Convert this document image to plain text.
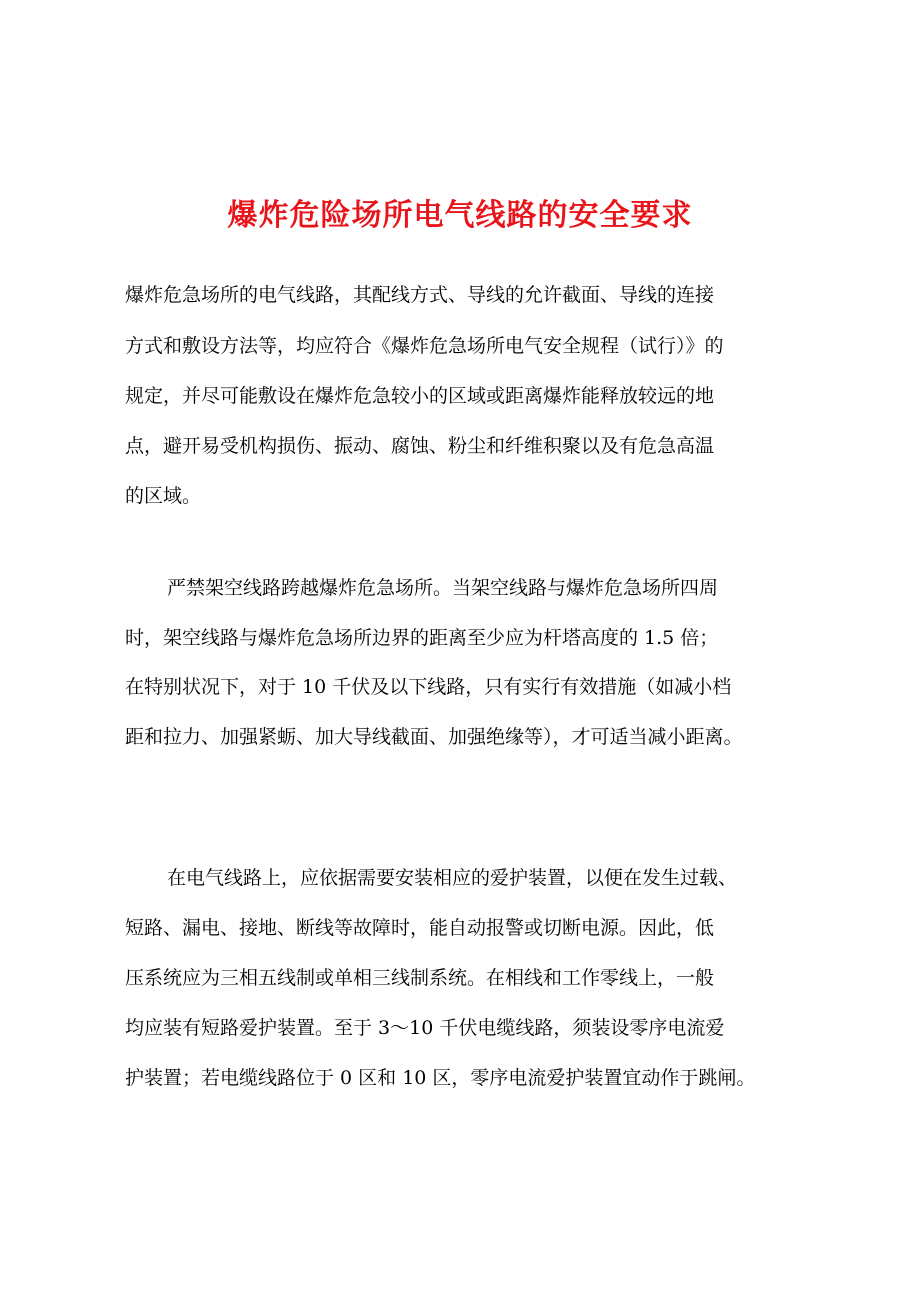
爆炸危险场所电气线路的安全要求
爆炸危急场所的电气线路，其配线方式、导线的允许截面、导线的连接
方式和敷设方法等，均应符合《爆炸危急场所电气安全规程（试行）》的
规定，并尽可能敷设在爆炸危急较小的区域或距离爆炸能释放较远的地
点，避开易受机构损伤、振动、腐蚀、粉尘和纤维积聚以及有危急高温
的区域。
严禁架空线路跨越爆炸危急场所。当架空线路与爆炸危急场所四周
时，架空线路与爆炸危急场所边界的距离至少应为杆塔高度的 1.5 倍；
在特别状况下，对于 10 千伏及以下线路，只有实行有效措施（如减小档
距和拉力、加强紧蛎、加大导线截面、加强绝缘等），才可适当减小距离。
在电气线路上，应依据需要安装相应的爱护装置，以便在发生过载、
短路、漏电、接地、断线等故障时，能自动报警或切断电源。因此，低
压系统应为三相五线制或单相三线制系统。在相线和工作零线上，一般
均应装有短路爱护装置。至于 3～10 千伏电缆线路，须装设零序电流爱
护装置；若电缆线路位于 0 区和 10 区，零序电流爱护装置宜动作于跳闸。
